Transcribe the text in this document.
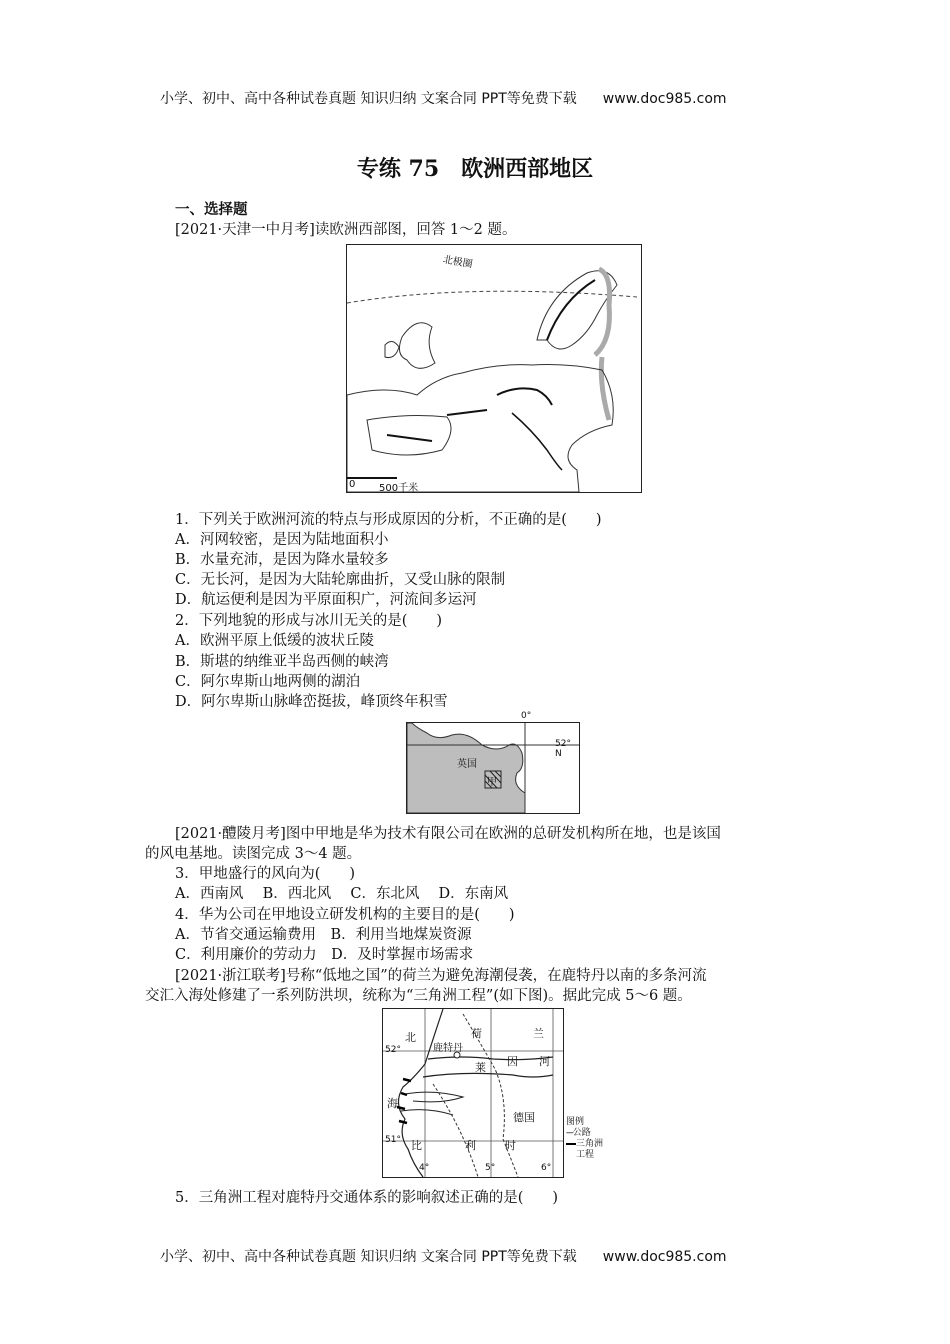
小学、初中、高中各种试卷真题 知识归纳 文案合同 PPT等免费下载 www.doc985.com
专练 75　欧洲西部地区
一、选择题
[2021·天津一中月考]读欧洲西部图，回答 1～2 题。
北极圈
0 500千米
1．下列关于欧洲河流的特点与形成原因的分析，不正确的是(　　)
A．河网较密，是因为陆地面积小
B．水量充沛，是因为降水量较多
C．无长河，是因为大陆轮廓曲折，又受山脉的限制
D．航运便利是因为平原面积广，河流间多运河
2．下列地貌的形成与冰川无关的是(　　)
A．欧洲平原上低缓的波状丘陵
B．斯堪的纳维亚半岛西侧的峡湾
C．阿尔卑斯山地两侧的湖泊
D．阿尔卑斯山脉峰峦挺拔，峰顶终年积雪
0°
52° N
英国
甲
[2021·醴陵月考]图中甲地是华为技术有限公司在欧洲的总研发机构所在地，也是该国
的风电基地。读图完成 3～4 题。
3．甲地盛行的风向为(　　)
A．西南风　 B．西北风　 C．东北风　 D．东南风
4．华为公司在甲地设立研发机构的主要目的是(　　)
A．节省交通运输费用　B．利用当地煤炭资源
C．利用廉价的劳动力　D．及时掌握市场需求
[2021·浙江联考]号称“低地之国”的荷兰为避免海潮侵袭，在鹿特丹以南的多条河流
交汇入海处修建了一系列防洪坝，统称为“三角洲工程”(如下图)。据此完成 5～6 题。
北
海
荷	兰
鹿特丹
莱 因 河
德国
比	利	时
52°
51°
4°	5°	6°
图例
---公路
三角洲
工程
5．三角洲工程对鹿特丹交通体系的影响叙述正确的是(　　)
小学、初中、高中各种试卷真题 知识归纳 文案合同 PPT等免费下载 www.doc985.com
